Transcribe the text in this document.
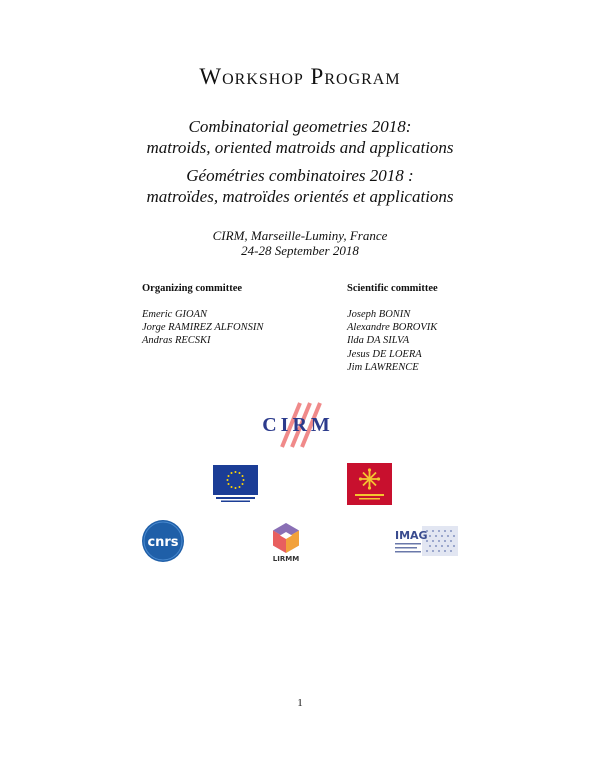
Workshop Program
Combinatorial geometries 2018:
matroids, oriented matroids and applications
Géométries combinatoires 2018 :
matroïdes, matroïdes orientés et applications
CIRM, Marseille-Luminy, France
24-28 September 2018
Organizing committee
Emeric GIOAN
Jorge RAMIREZ ALFONSIN
Andras RECSKI
Scientific committee
Joseph BONIN
Alexandre BOROVIK
Ilda DA SILVA
Jesus DE LOERA
Jim LAWRENCE
CIRM
cnrs
LIRMM
IMAG
1
